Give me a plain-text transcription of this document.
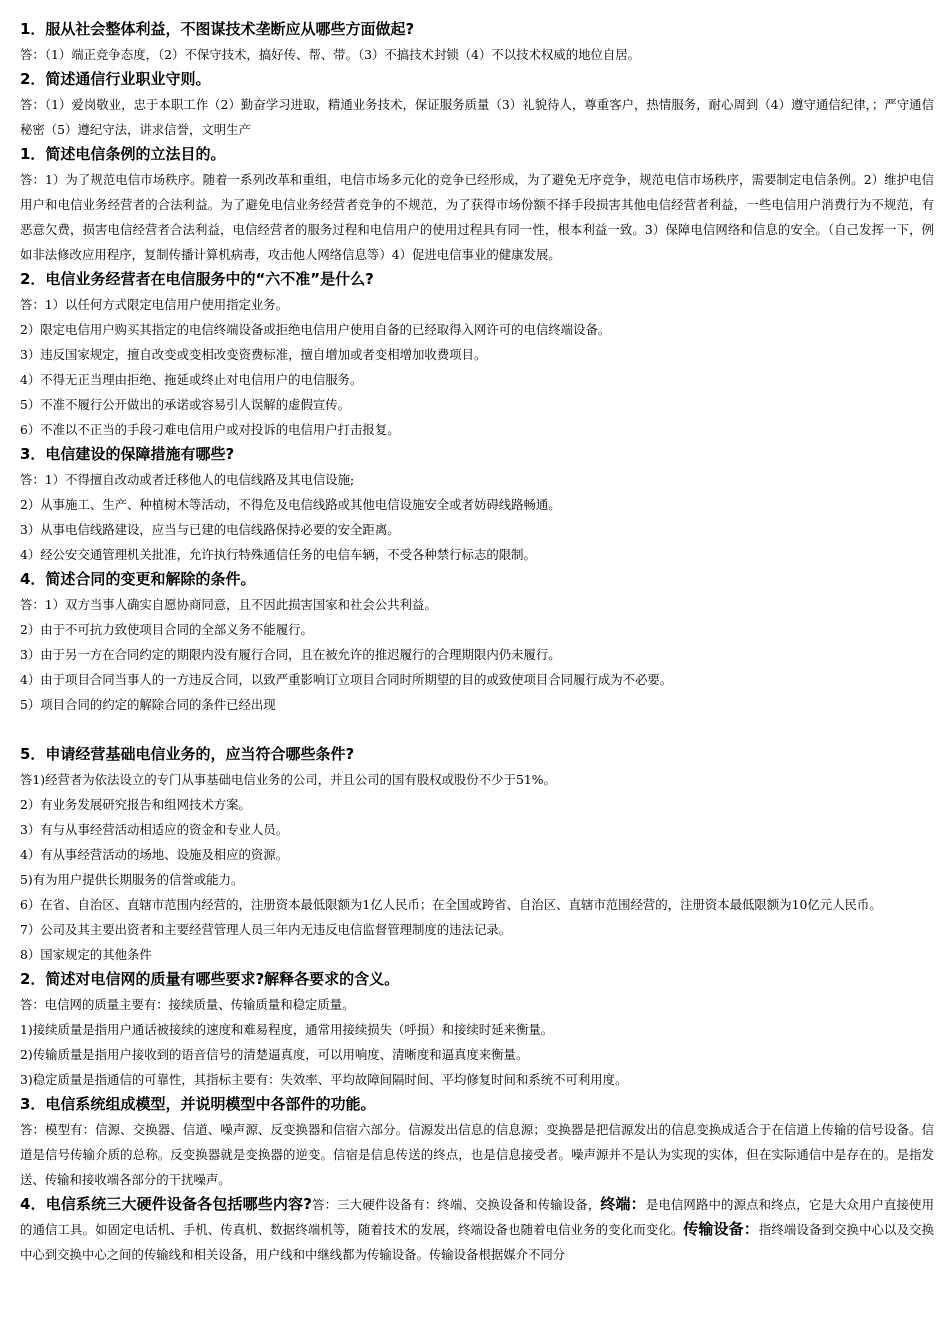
1．服从社会整体利益，不图谋技术垄断应从哪些方面做起?

答：（1）端正竞争态度，（2）不保守技术，搞好传、帮、带。（3）不搞技术封锁（4）不以技术权威的地位自居。

2．简述通信行业职业守则。

答：（1）爱岗敬业，忠于本职工作（2）勤奋学习进取，精通业务技术，保证服务质量（3）礼貌待人，尊重客户，热情服务，耐心周到（4）遵守通信纪律，；严守通信秘密（5）遵纪守法，讲求信誉，文明生产

1．简述电信条例的立法目的。

答：1）为了规范电信市场秩序。随着一系列改革和重组，电信市场多元化的竞争已经形成，为了避免无序竞争，规范电信市场秩序，需要制定电信条例。2）维护电信用户和电信业务经营者的合法利益。为了避免电信业务经营者竞争的不规范，为了获得市场份额不择手段损害其他电信经营者利益，一些电信用户消费行为不规范，有恶意欠费，损害电信经营者合法利益，电信经营者的服务过程和电信用户的使用过程具有同一性，根本利益一致。3）保障电信网络和信息的安全。（自己发挥一下，例如非法修改应用程序，复制传播计算机病毒，攻击他人网络信息等）4）促进电信事业的健康发展。

2．电信业务经营者在电信服务中的“六不准”是什么?

答：1）以任何方式限定电信用户使用指定业务。

2）限定电信用户购买其指定的电信终端设备或拒绝电信用户使用自备的已经取得入网许可的电信终端设备。

3）违反国家规定，擅自改变或变相改变资费标准，擅自增加或者变相增加收费项目。

4）不得无正当理由拒绝、拖延或终止对电信用户的电信服务。

5）不准不履行公开做出的承诺或容易引人误解的虚假宣传。

6）不准以不正当的手段刁难电信用户或对投诉的电信用户打击报复。

3．电信建设的保障措施有哪些?

答：1）不得擅自改动或者迁移他人的电信线路及其电信设施;

2）从事施工、生产、种植树木等活动，不得危及电信线路或其他电信设施安全或者妨碍线路畅通。

3）从事电信线路建设，应当与已建的电信线路保持必要的安全距离。

4）经公安交通管理机关批准，允许执行特殊通信任务的电信车辆，不受各种禁行标志的限制。

4．简述合同的变更和解除的条件。

答：1）双方当事人确实自愿协商同意，且不因此损害国家和社会公共利益。

2）由于不可抗力致使项目合同的全部义务不能履行。

3）由于另一方在合同约定的期限内没有履行合同，且在被允许的推迟履行的合理期限内仍未履行。

4）由于项目合同当事人的一方违反合同，以致严重影响订立项目合同时所期望的目的或致使项目合同履行成为不必要。

5）项目合同的约定的解除合同的条件已经出现

5．申请经营基础电信业务的，应当符合哪些条件?

答1)经营者为依法设立的专门从事基础电信业务的公司，并且公司的国有股权或股份不少于51%。

2）有业务发展研究报告和组网技术方案。

3）有与从事经营活动相适应的资金和专业人员。

4）有从事经营活动的场地、设施及相应的资源。

5)有为用户提供长期服务的信誉或能力。

6）在省、自治区、直辖市范围内经营的，注册资本最低限额为1亿人民币；在全国或跨省、自治区、直辖市范围经营的，注册资本最低限额为10亿元人民币。

7）公司及其主要出资者和主要经营管理人员三年内无违反电信监督管理制度的违法记录。

8）国家规定的其他条件

2．简述对电信网的质量有哪些要求?解释各要求的含义。

答：电信网的质量主要有：接续质量、传输质量和稳定质量。

1)接续质量是指用户通话被接续的速度和难易程度，通常用接续损失（呼损）和接续时延来衡量。

2)传输质量是指用户接收到的语音信号的清楚逼真度，可以用响度、清晰度和逼真度来衡量。

3)稳定质量是指通信的可靠性，其指标主要有：失效率、平均故障间隔时间、平均修复时间和系统不可利用度。

3．电信系统组成模型，并说明模型中各部件的功能。

答：模型有：信源、交换器、信道、噪声源、反变换器和信宿六部分。信源发出信息的信息源；变换器是把信源发出的信息变换成适合于在信道上传输的信号设备。信道是信号传输介质的总称。反变换器就是变换器的逆变。信宿是信息传送的终点，也是信息接受者。噪声源并不是认为实现的实体，但在实际通信中是存在的。是指发送、传输和接收端各部分的干扰噪声。

4．电信系统三大硬件设备各包括哪些内容?答：三大硬件设备有：终端、交换设备和传输设备，终端：是电信网路中的源点和终点，它是大众用户直接使用的通信工具。如固定电话机、手机、传真机、数据终端机等，随着技术的发展，终端设备也随着电信业务的变化而变化。传输设备：指终端设备到交换中心以及交换中心到交换中心之间的传输线和相关设备，用户线和中继线都为传输设备。传输设备根据媒介不同分
